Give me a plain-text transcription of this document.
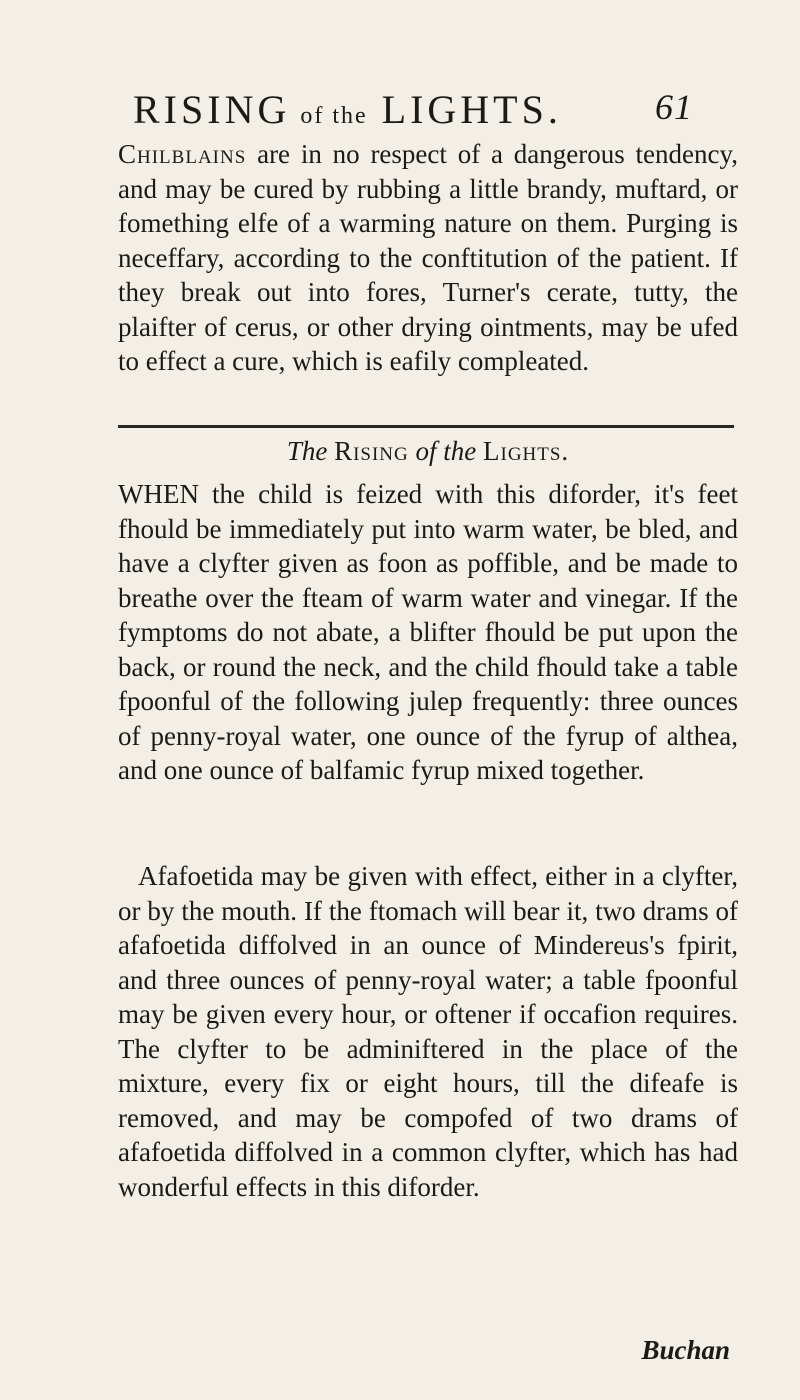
RISING of the LIGHTS.	61

Chilblains are in no respect of a dangerous tendency, and may be cured by rubbing a little brandy, muftard, or fomething elfe of a warming nature on them. Purging is neceffary, according to the conftitution of the patient. If they break out into fores, Turner's cerate, tutty, the plaifter of cerus, or other drying ointments, may be ufed to effect a cure, which is eafily compleated.

The Rising of the Lights.

WHEN the child is feized with this diforder, it's feet fhould be immediately put into warm water, be bled, and have a clyfter given as foon as poffible, and be made to breathe over the fteam of warm water and vinegar. If the fymptoms do not abate, a blifter fhould be put upon the back, or round the neck, and the child fhould take a table fpoonful of the following julep frequently: three ounces of penny-royal water, one ounce of the fyrup of althea, and one ounce of balfamic fyrup mixed together.

Afafoetida may be given with effect, either in a clyfter, or by the mouth. If the ftomach will bear it, two drams of afafoetida diffolved in an ounce of Mindereus's fpirit, and three ounces of penny-royal water; a table fpoonful may be given every hour, or oftener if occafion requires. The clyfter to be adminiftered in the place of the mixture, every fix or eight hours, till the difeafe is removed, and may be compofed of two drams of afafoetida diffolved in a common clyfter, which has had wonderful effects in this diforder.

Buchan
